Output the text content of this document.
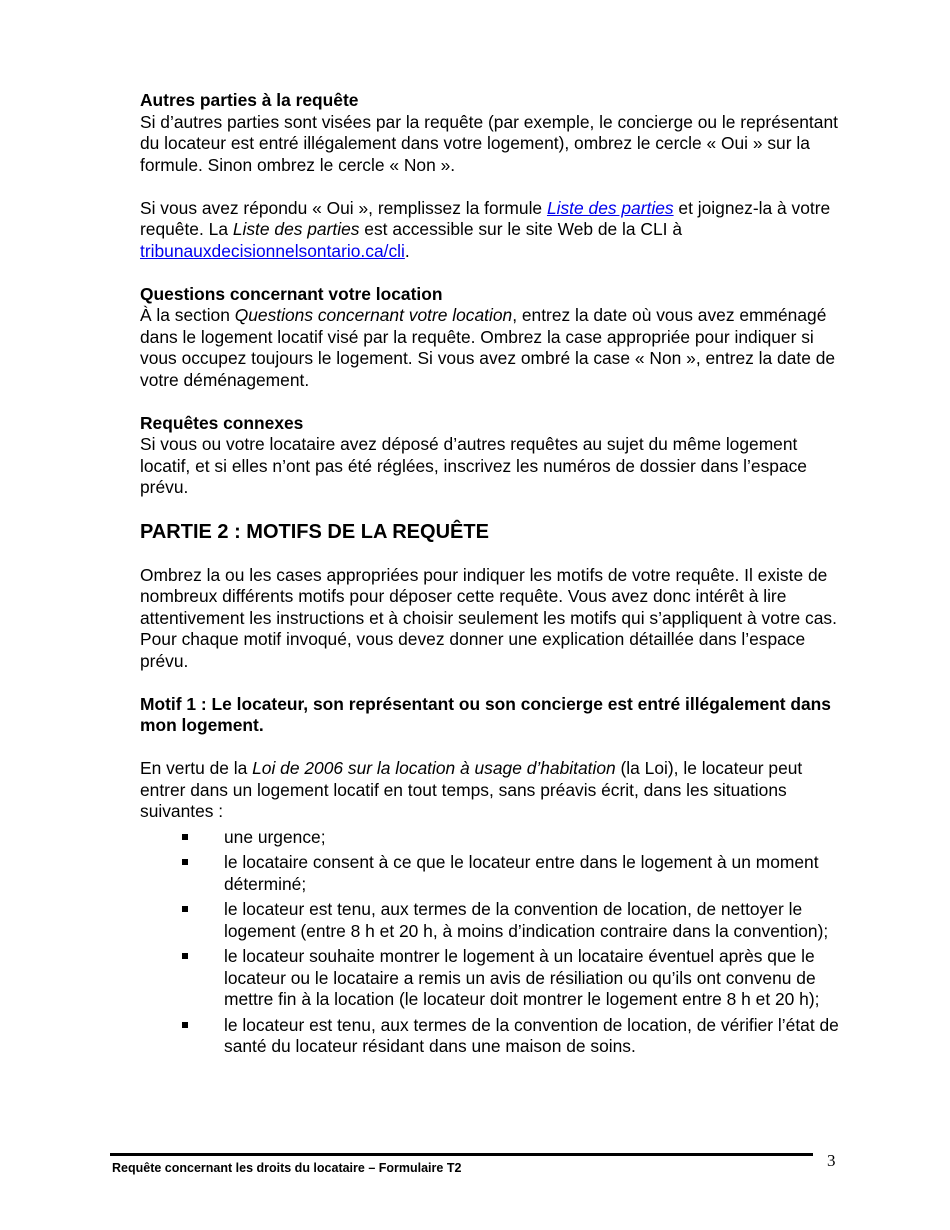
Autres parties à la requête

Si d’autres parties sont visées par la requête (par exemple, le concierge ou le représentant du locateur est entré illégalement dans votre logement), ombrez le cercle « Oui » sur la formule. Sinon ombrez le cercle « Non ».

Si vous avez répondu « Oui », remplissez la formule Liste des parties et joignez-la à votre requête. La Liste des parties est accessible sur le site Web de la CLI à tribunauxdecisionnelsontario.ca/cli.

Questions concernant votre location

À la section Questions concernant votre location, entrez la date où vous avez emménagé dans le logement locatif visé par la requête. Ombrez la case appropriée pour indiquer si vous occupez toujours le logement. Si vous avez ombré la case « Non », entrez la date de votre déménagement.

Requêtes connexes

Si vous ou votre locataire avez déposé d’autres requêtes au sujet du même logement locatif, et si elles n’ont pas été réglées, inscrivez les numéros de dossier dans l’espace prévu.

PARTIE 2 : MOTIFS DE LA REQUÊTE

Ombrez la ou les cases appropriées pour indiquer les motifs de votre requête. Il existe de nombreux différents motifs pour déposer cette requête. Vous avez donc intérêt à lire attentivement les instructions et à choisir seulement les motifs qui s’appliquent à votre cas. Pour chaque motif invoqué, vous devez donner une explication détaillée dans l’espace prévu.

Motif 1 : Le locateur, son représentant ou son concierge est entré illégalement dans mon logement.

En vertu de la Loi de 2006 sur la location à usage d’habitation (la Loi), le locateur peut entrer dans un logement locatif en tout temps, sans préavis écrit, dans les situations suivantes :

une urgence;
le locataire consent à ce que le locateur entre dans le logement à un moment déterminé;
le locateur est tenu, aux termes de la convention de location, de nettoyer le logement (entre 8 h et 20 h, à moins d’indication contraire dans la convention);
le locateur souhaite montrer le logement à un locataire éventuel après que le locateur ou le locataire a remis un avis de résiliation ou qu’ils ont convenu de mettre fin à la location (le locateur doit montrer le logement entre 8 h et 20 h);
le locateur est tenu, aux termes de la convention de location, de vérifier l’état de santé du locateur résidant dans une maison de soins.
Requête concernant les droits du locataire – Formulaire T2	3
